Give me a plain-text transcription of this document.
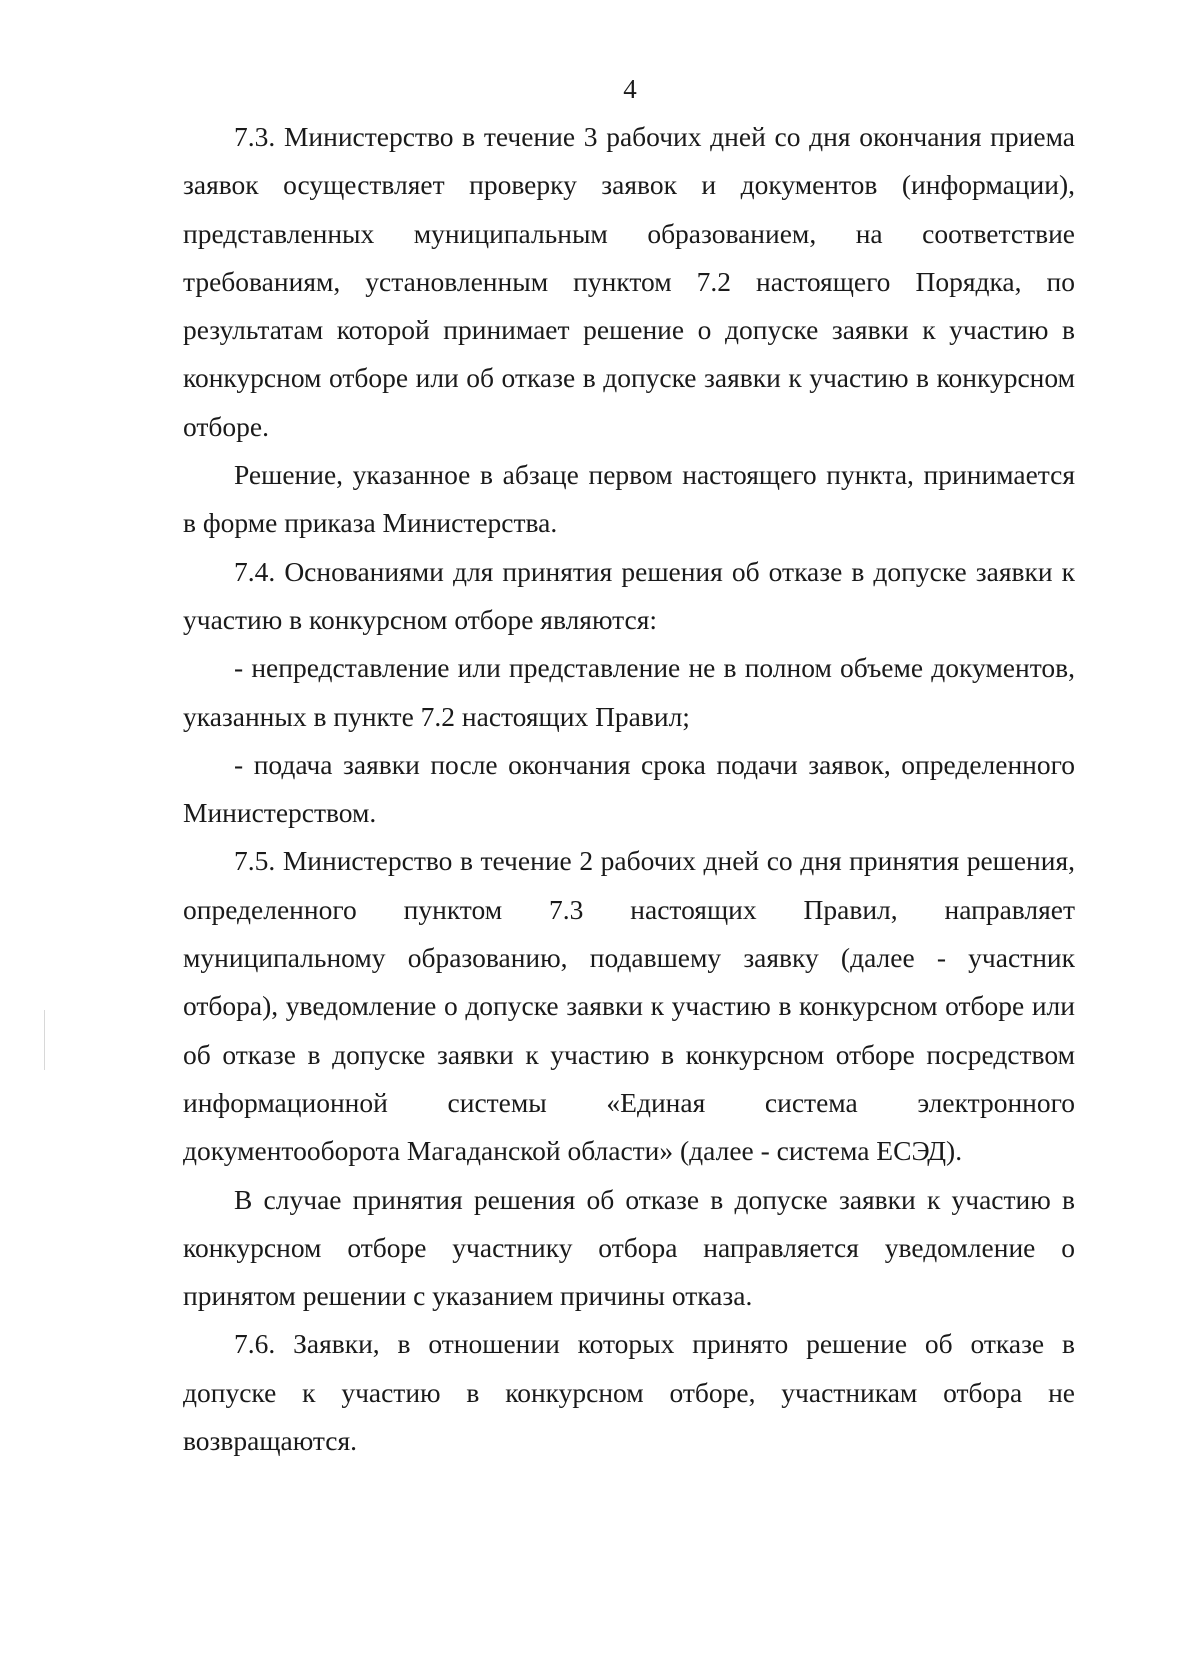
4

7.3. Министерство в течение 3 рабочих дней со дня окончания приема заявок осуществляет проверку заявок и документов (информации), представленных муниципальным образованием, на соответствие требованиям, установленным пунктом 7.2 настоящего Порядка, по результатам которой принимает решение о допуске заявки к участию в конкурсном отборе или об отказе в допуске заявки к участию в конкурсном отборе.

Решение, указанное в абзаце первом настоящего пункта, принимается в форме приказа Министерства.

7.4. Основаниями для принятия решения об отказе в допуске заявки к участию в конкурсном отборе являются:

- непредставление или представление не в полном объеме документов, указанных в пункте 7.2 настоящих Правил;

- подача заявки после окончания срока подачи заявок, определенного Министерством.

7.5. Министерство в течение 2 рабочих дней со дня принятия решения, определенного пунктом 7.3 настоящих Правил, направляет муниципальному образованию, подавшему заявку (далее - участник отбора), уведомление о допуске заявки к участию в конкурсном отборе или об отказе в допуске заявки к участию в конкурсном отборе посредством информационной системы «Единая система электронного документооборота Магаданской области» (далее - система ЕСЭД).

В случае принятия решения об отказе в допуске заявки к участию в конкурсном отборе участнику отбора направляется уведомление о принятом решении с указанием причины отказа.

7.6. Заявки, в отношении которых принято решение об отказе в допуске к участию в конкурсном отборе, участникам отбора не возвращаются.
